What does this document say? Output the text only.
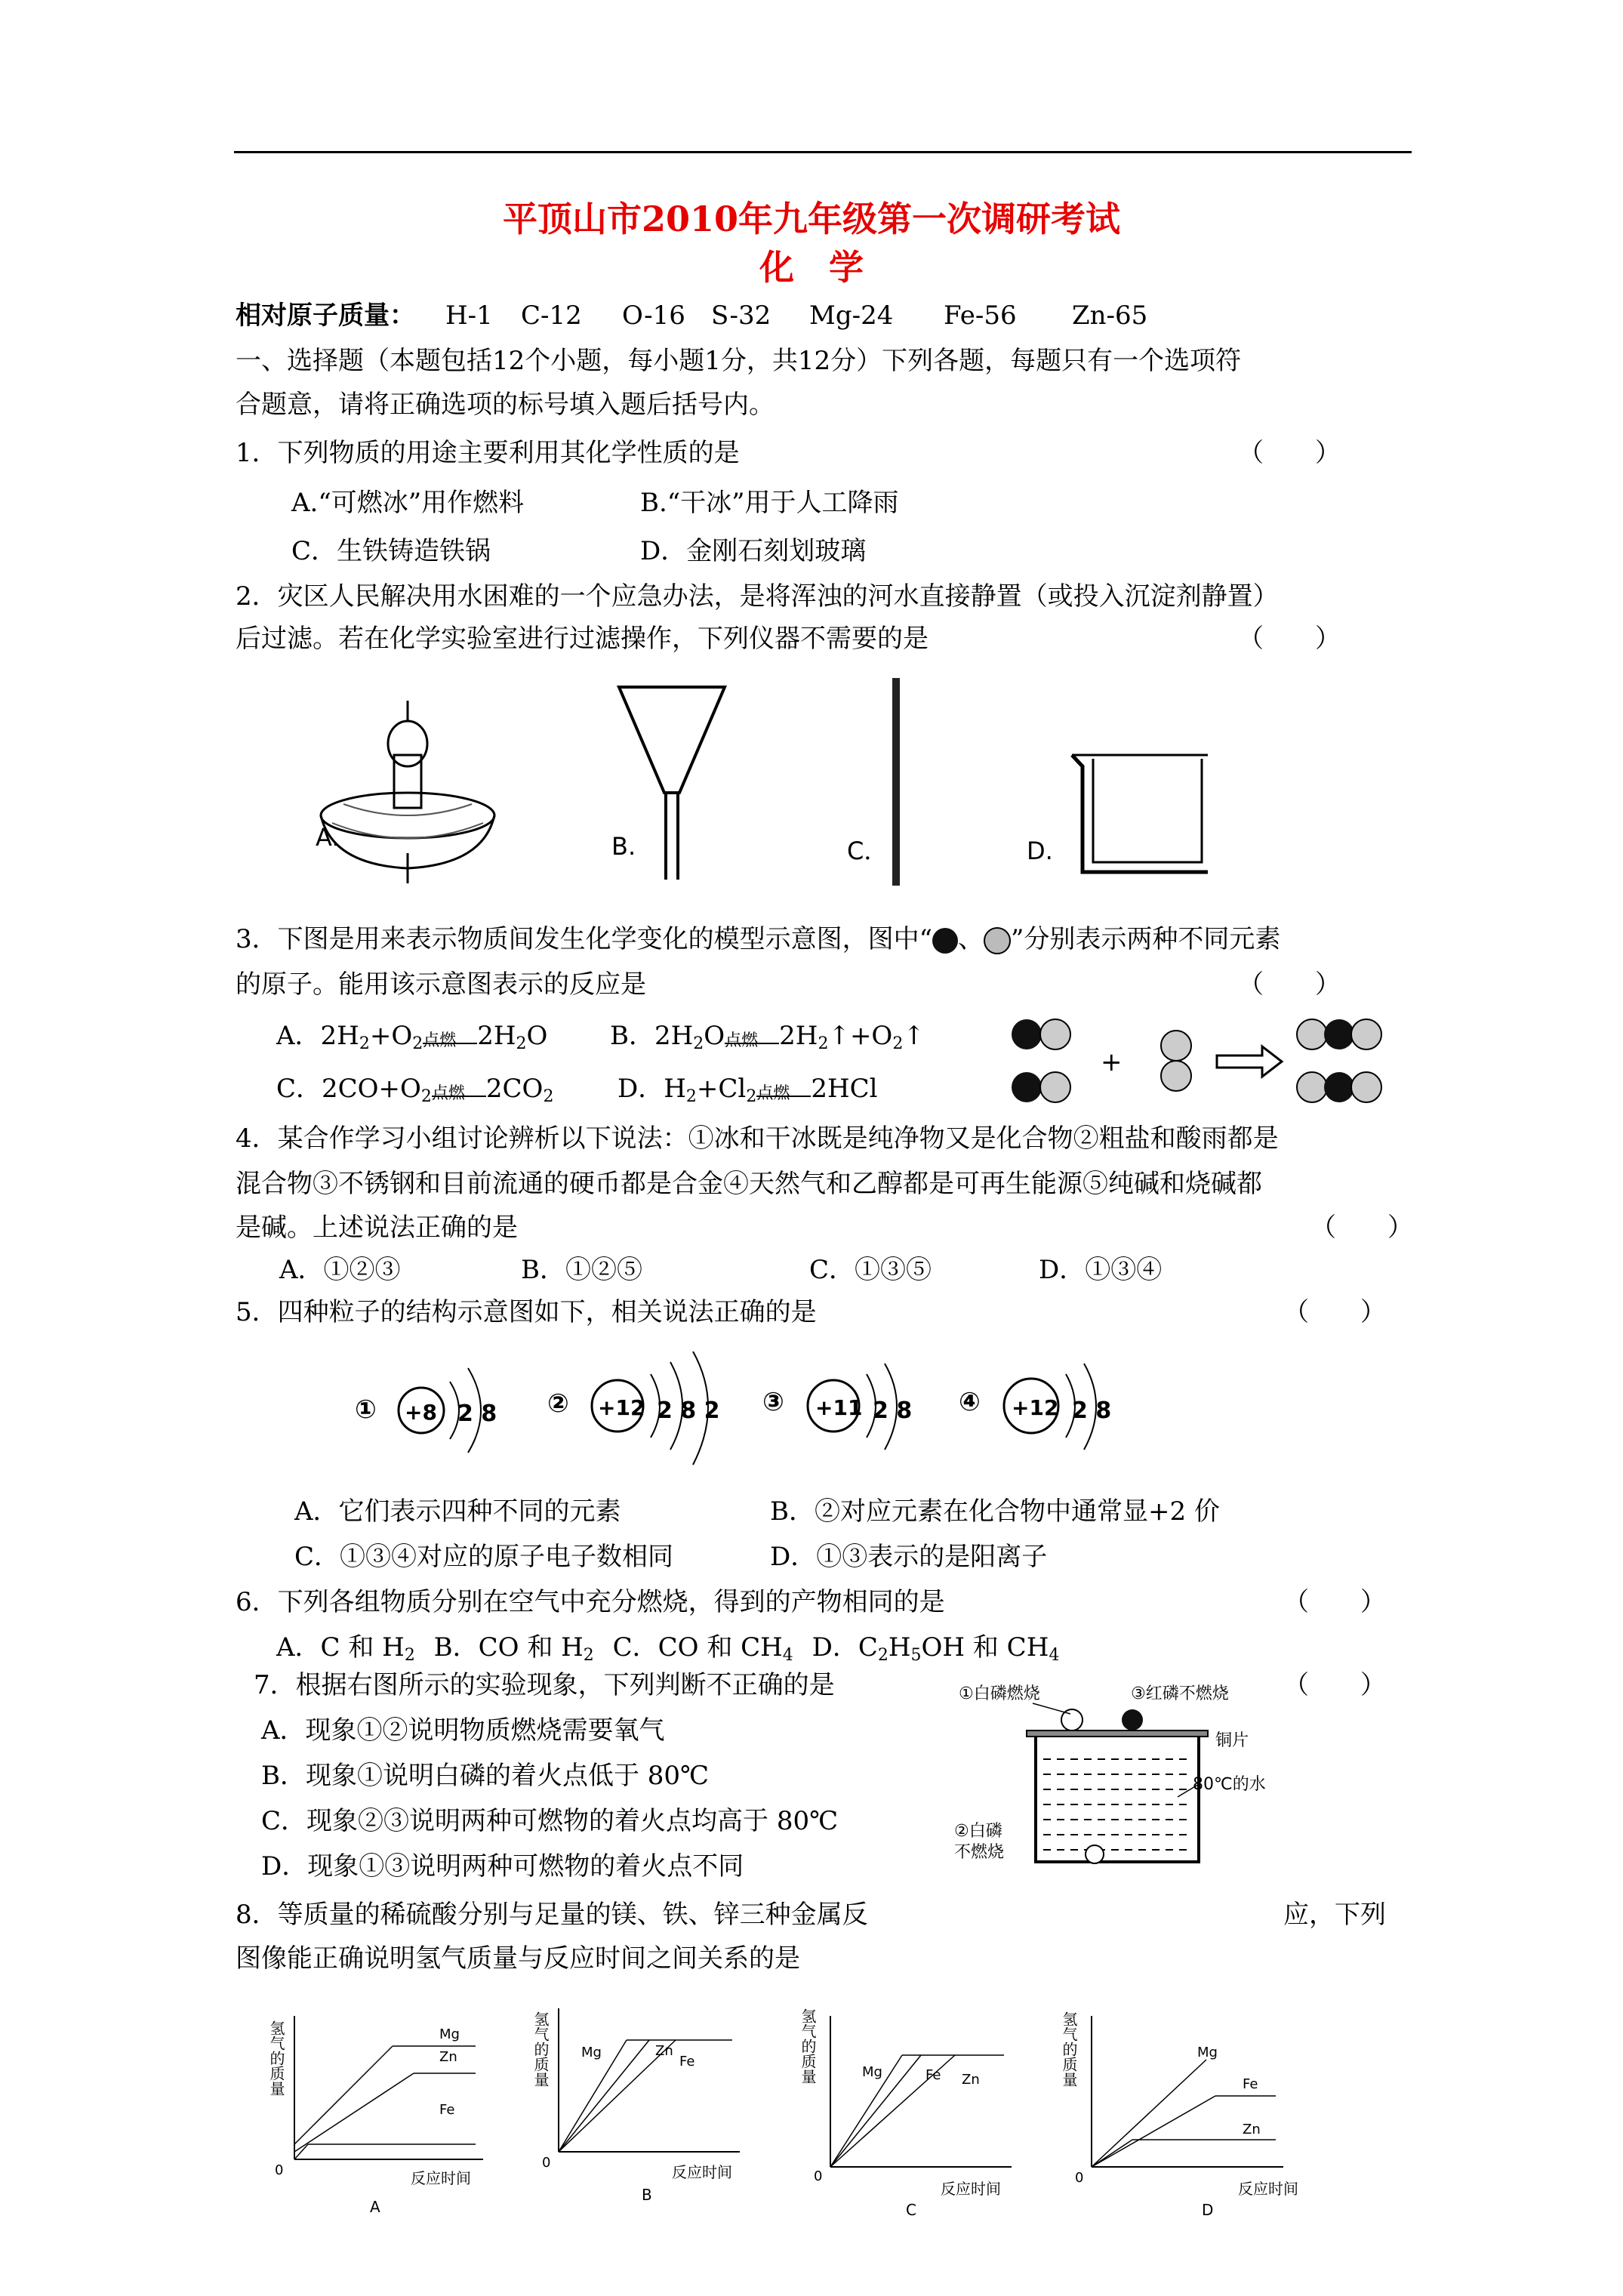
平顶山市2010年九年级第一次调研考试
化　学
相对原子质量： H-1 C-12 O-16 S-32 Mg-24 Fe-56 Zn-65
一、选择题（本题包括12个小题，每小题1分，共12分）下列各题，每题只有一个选项符
合题意，请将正确选项的标号填入题后括号内。
1．下列物质的用途主要利用其化学性质的是	（　　）
A.“可燃冰”用作燃料	B.“干冰”用于人工降雨
C．生铁铸造铁锅	D．金刚石刻划玻璃
2．灾区人民解决用水困难的一个应急办法，是将浑浊的河水直接静置（或投入沉淀剂静置）
后过滤。若在化学实验室进行过滤操作，下列仪器不需要的是	（　　）
A.	B.	C．	D.
3．下图是用来表示物质间发生化学变化的模型示意图，图中“ 、 ”分别表示两种不同元素
的原子。能用该示意图表示的反应是	（　　）
A．$2H_2+O_2$ 点燃 $2H_2O$ B．$2H_2O$ 点燃 $2H_2↑+O_2↑$
C．$2CO+O_2$ 点燃 $2CO_2$ D．$H_2+Cl_2$ 点燃 2HCl
+
4．某合作学习小组讨论辨析以下说法：①冰和干冰既是纯净物又是化合物②粗盐和酸雨都是
混合物③不锈钢和目前流通的硬币都是合金④天然气和乙醇都是可再生能源⑤纯碱和烧碱都
是碱。上述说法正确的是	（　　）
A．①②③	B．①②⑤	C．①③⑤	D．①③④
5．四种粒子的结构示意图如下，相关说法正确的是	（　　）
① +8 2 8 ② +12 2 8 2 ③ +11 2 8 ④ +12 2 8
A．它们表示四种不同的元素	B．②对应元素在化合物中通常显+2 价
C．①③④对应的原子电子数相同	D．①③表示的是阳离子
6．下列各组物质分别在空气中充分燃烧，得到的产物相同的是	（　　）
A．C 和 $H_2$ B．CO 和 $H_2$ C．CO 和 $CH_4$ D．$C_2H_5OH$ 和 $CH_4$
7．根据右图所示的实验现象，下列判断不正确的是	（　　）
A．现象①②说明物质燃烧需要氧气
B．现象①说明白磷的着火点低于 80℃
C．现象②③说明两种可燃物的着火点均高于 80℃
D．现象①③说明两种可燃物的着火点不同
①白磷燃烧	③红磷不燃烧
铜片
80℃的水
②白磷
不燃烧
8．等质量的稀硫酸分别与足量的镁、铁、锌三种金属反	应，下列
图像能正确说明氢气质量与反应时间之间关系的是
氢气的质量	Mg
Zn
Fe
0	反应时间
A
氢气的质量 Mg	Zn
Fe
0
反应时间
B
氢气的质量	Mg	Fe Zn
0
反应时间
C
氢气的质量	Mg
Fe
Zn
0
反应时间
D
